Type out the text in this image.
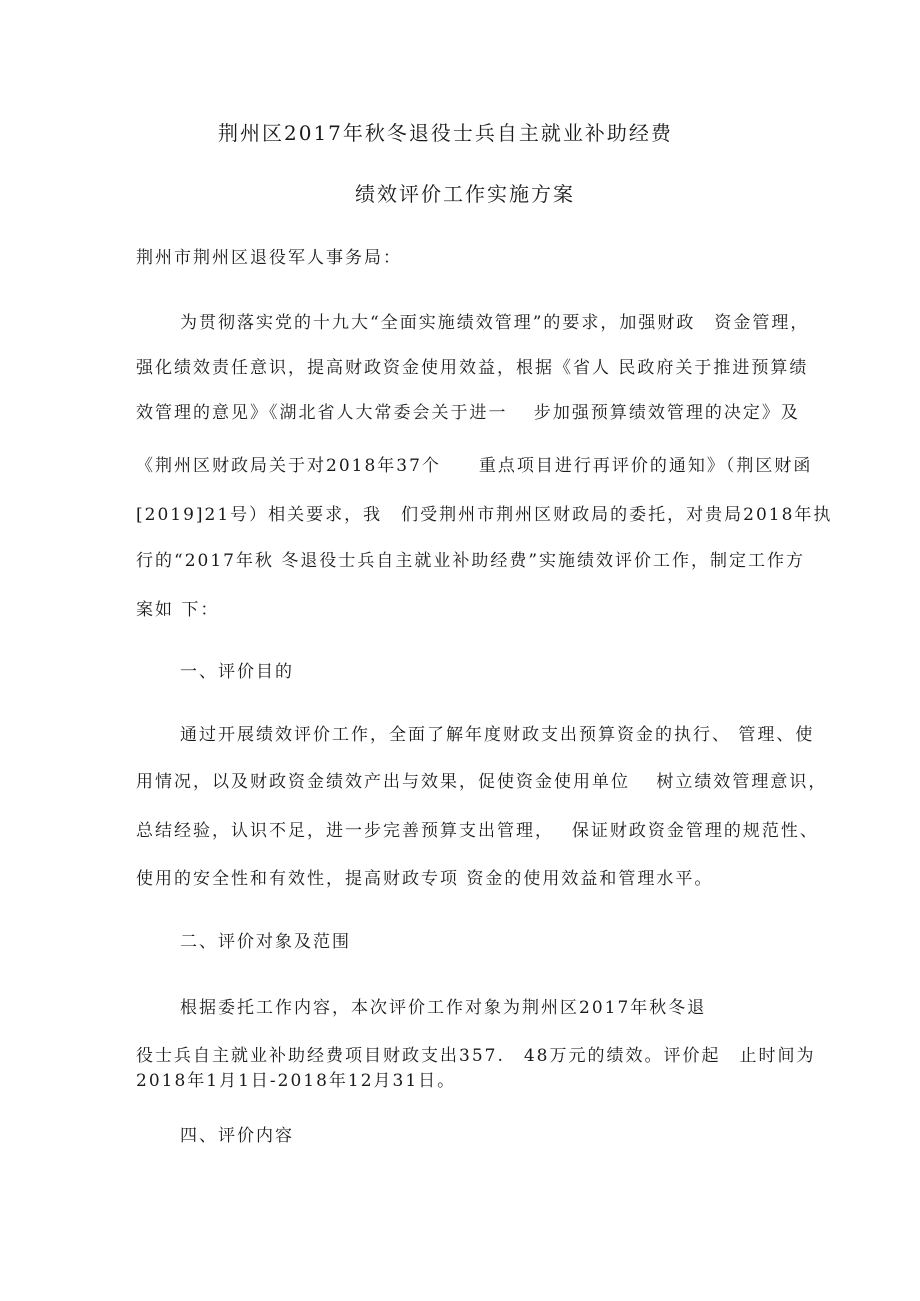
荆州区2017年秋冬退役士兵自主就业补助经费
绩效评价工作实施方案
荆州市荆州区退役军人事务局：
为贯彻落实党的十九大“全面实施绩效管理”的要求，加强财政　资金管理，
强化绩效责任意识，提高财政资金使用效益，根据《省人 民政府关于推进预算绩
效管理的意见》《湖北省人大常委会关于进一　 步加强预算绩效管理的决定》及
《荆州区财政局关于对2018年37个　　重点项目进行再评价的通知》（荆区财函
[2019]21号）相关要求，我　们受荆州市荆州区财政局的委托，对贵局2018年执
行的“2017年秋 冬退役士兵自主就业补助经费”实施绩效评价工作，制定工作方
案如 下：
一、评价目的
通过开展绩效评价工作，全面了解年度财政支出预算资金的执行、 管理、使
用情况，以及财政资金绩效产出与效果，促使资金使用单位　 树立绩效管理意识，
总结经验，认识不足，进一步完善预算支出管理，　 保证财政资金管理的规范性、
使用的安全性和有效性，提高财政专项 资金的使用效益和管理水平。
二、评价对象及范围
根据委托工作内容，本次评价工作对象为荆州区2017年秋冬退
役士兵自主就业补助经费项目财政支出357.　48万元的绩效。评价起　止时间为
2018年1月1日-2018年12月31日。
四、评价内容
